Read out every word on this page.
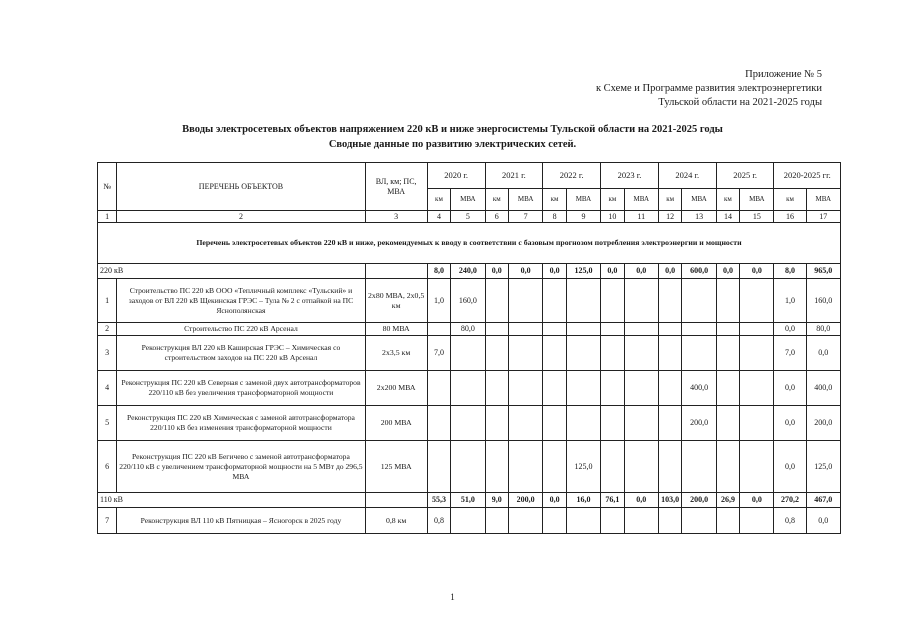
Приложение № 5
к Схеме и Программе развития электроэнергетики
Тульской области на 2021-2025 годы
Вводы электросетевых объектов напряжением 220 кВ и ниже энергосистемы Тульской области на 2021-2025 годы
Сводные данные по развитию электрических сетей.
№	ПЕРЕЧЕНЬ ОБЪЕКТОВ	ВЛ, км; ПС, МВА	2020 г.		2021 г.		2022 г.		2023 г.		2024 г.		2025 г.		2020-2025 гг.	
			км	МВА	км	МВА	км	МВА	км	МВА	км	МВА	км	МВА	км	МВА
1	2	3	4	5	6	7	8	9	10	11	12	13	14	15	16	17
Перечень электросетевых объектов 220 кВ и ниже, рекомендуемых к вводу в соответствии с базовым прогнозом потребления электроэнергии и мощности																
220 кВ			8,0	240,0	0,0	0,0	0,0	125,0	0,0	0,0	0,0	600,0	0,0	0,0	8,0	965,0
1	Строительство ПС 220 кВ ООО «Тепличный комплекс «Тульский» и заходов от ВЛ 220 кВ Щекинская ГРЭС – Тула № 2 с отпайкой на ПС Яснополянская	2х80 МВА, 2х0,5 км	1,0	160,0											1,0	160,0
2	Строительство ПС 220 кВ Арсенал	80 МВА		80,0											0,0	80,0
3	Реконструкция ВЛ 220 кВ Каширская ГРЭС – Химическая со строительством заходов на ПС 220 кВ Арсенал	2х3,5 км	7,0												7,0	0,0
4	Реконструкция ПС 220 кВ Северная с заменой двух автотрансформаторов 220/110 кВ без увеличения трансформаторной мощности	2х200 МВА										400,0			0,0	400,0
5	Реконструкция ПС 220 кВ Химическая с заменой автотрансформатора 220/110 кВ без изменения трансформаторной мощности	200 МВА										200,0			0,0	200,0
6	Реконструкция ПС 220 кВ Бегичево с заменой автотрансформатора 220/110 кВ с увеличением трансформаторной мощности на 5 МВт до 296,5 МВА	125 МВА						125,0							0,0	125,0
110 кВ			55,3	51,0	9,0	200,0	0,0	16,0	76,1	0,0	103,0	200,0	26,9	0,0	270,2	467,0
7	Реконструкция ВЛ 110 кВ Пятницкая – Ясногорск в 2025 году	0,8 км	0,8												0,8	0,0
1
